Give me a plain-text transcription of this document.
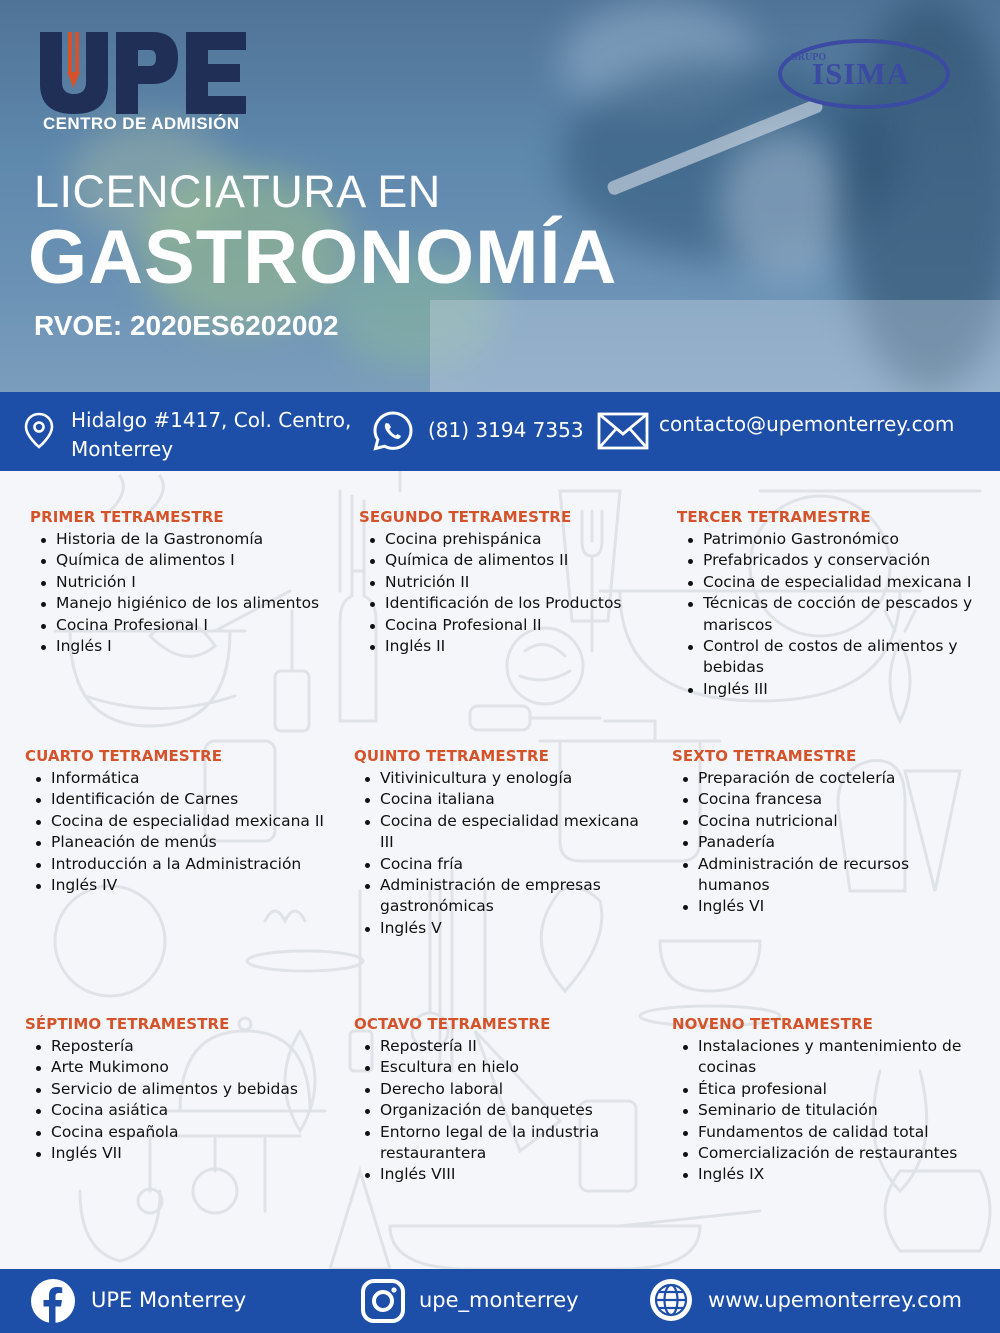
CENTRO DE ADMISIÓN
GRUPO
ISIMA
LICENCIATURA EN
GASTRONOMÍA
RVOE: 2020ES6202002
Hidalgo #1417, Col. Centro,
Monterrey
(81) 3194 7353	contacto@upemonterrey.com
PRIMER TETRAMESTRE
Historia de la Gastronomía
Química de alimentos I
Nutrición I
Manejo higiénico de los alimentos
Cocina Profesional I
Inglés I
SEGUNDO TETRAMESTRE
Cocina prehispánica
Química de alimentos II
Nutrición II
Identificación de los Productos
Cocina Profesional II
Inglés II
TERCER TETRAMESTRE
Patrimonio Gastronómico
Prefabricados y conservación
Cocina de especialidad mexicana I
Técnicas de cocción de pescados y mariscos
Control de costos de alimentos y bebidas
Inglés III
CUARTO TETRAMESTRE
Informática
Identificación de Carnes
Cocina de especialidad mexicana II
Planeación de menús
Introducción a la Administración
Inglés IV
QUINTO TETRAMESTRE
Vitivinicultura y enología
Cocina italiana
Cocina de especialidad mexicana III
Cocina fría
Administración de empresas gastronómicas
Inglés V
SEXTO TETRAMESTRE
Preparación de coctelería
Cocina francesa
Cocina nutricional
Panadería
Administración de recursos humanos
Inglés VI
SÉPTIMO TETRAMESTRE
Repostería
Arte Mukimono
Servicio de alimentos y bebidas
Cocina asiática
Cocina española
Inglés VII
OCTAVO TETRAMESTRE
Repostería II
Escultura en hielo
Derecho laboral
Organización de banquetes
Entorno legal de la industria restaurantera
Inglés VIII
NOVENO TETRAMESTRE
Instalaciones y mantenimiento de cocinas
Ética profesional
Seminario de titulación
Fundamentos de calidad total
Comercialización de restaurantes
Inglés IX
UPE Monterrey	upe_monterrey	www.upemonterrey.com
